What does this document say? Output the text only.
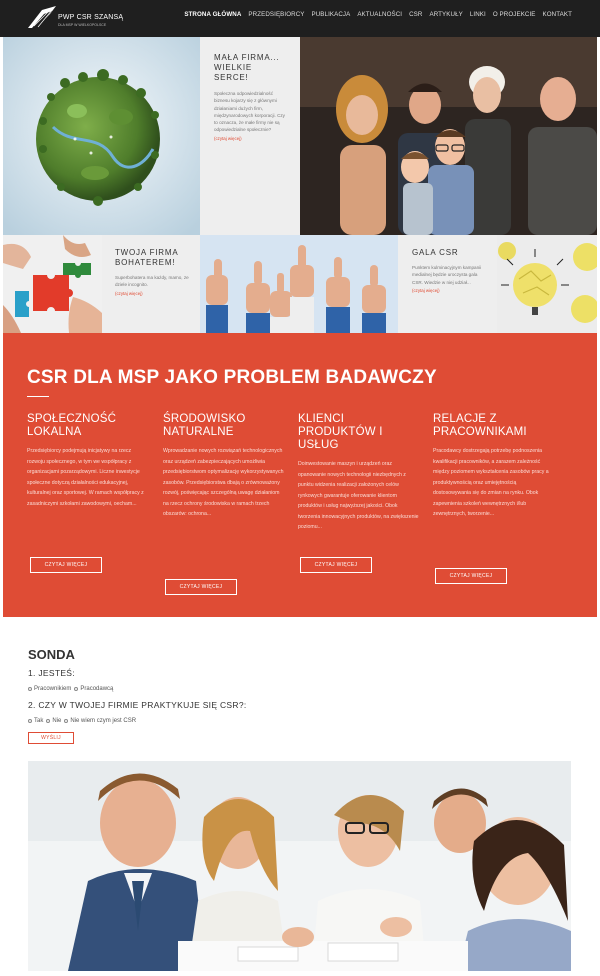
PWP CSR SZANSĄ
DLA MSP W WIELKOPOLSCE
STRONA GŁÓWNA PRZEDSIĘBIORCY PUBLIKACJA AKTUALNOŚCI CSR ARTYKUŁY LINKI O PROJEKCIE KONTAKT
MAŁA FIRMA... WIELKIE SERCE!
Społeczna odpowiedzialność biznesu kojarzy się z głównymi działaniami dużych firm, międzynarodowych korporacji. Czy to oznacza, że małe firmy nie są odpowiedzialne społecznie?
(czytaj więcej)
TWOJA FIRMA BOHATEREM!
Superbohatera ma każdy, mamo, ze dziele incognito.
(czytaj więcej)
GALA CSR
Punktem kulminacyjnym kampanii medialnej będzie uroczysta gala CSR. Wiedzie w niej udział...
(czytaj więcej)
CSR DLA MSP JAKO PROBLEM BADAWCZY
SPOŁECZNOŚĆ LOKALNA
Przedsiębiorcy podejmują inicjatywy na rzecz rozwoju społecznego, w tym we współpracy z organizacjami pozarządowymi. Liczne inwestycje społeczne dotyczą działalności edukacyjnej, kulturalnej oraz sportowej. W ramach współpracy z zasadniczymi szkołami zawodowymi, oecham...
CZYTAJ WIĘCEJ
ŚRODOWISKO NATURALNE
Wprowadzanie nowych rozwiązań technologicznych oraz urządzeń zabezpieczających umożliwia przedsiębiorstwom optymalizację wykorzystywanych zasobów. Przedsiębiorstwa dbają o zrównoważony rozwój, poświęcając szczególną uwagę działaniom na rzecz ochrony środowiska w ramach trzech obszarów: ochrona...
CZYTAJ WIĘCEJ
KLIENCI PRODUKTÓW I USŁUG
Doinwestowanie maszyn i urządzeń oraz opanowanie nowych technologii niezbędnych z punktu widzenia realizacji założonych celów rynkowych gwarantuje oferowanie klientom produktów i usług najwyższej jakości. Obok tworzenia innowacyjnych produktów, na zwiększenie poziomu...
CZYTAJ WIĘCEJ
RELACJE Z PRACOWNIKAMI
Pracodawcy dostrzegają potrzebę podnoszenia kwalifikacji pracowników, a zarazem zależność między poziomem wykształcenia zasobów pracy a produktywnością oraz umiejętnością dostosowywania się do zmian na rynku. Obok zapewnienia szkoleń wewnętrznych i/lub zewnętrznych, tworzenie...
CZYTAJ WIĘCEJ
SONDA
1. JESTEŚ:
Pracownikiem Pracodawcą
2. CZY W TWOJEJ FIRMIE PRAKTYKUJE SIĘ CSR?:
Tak Nie Nie wiem czym jest CSR
WYŚLIJ
